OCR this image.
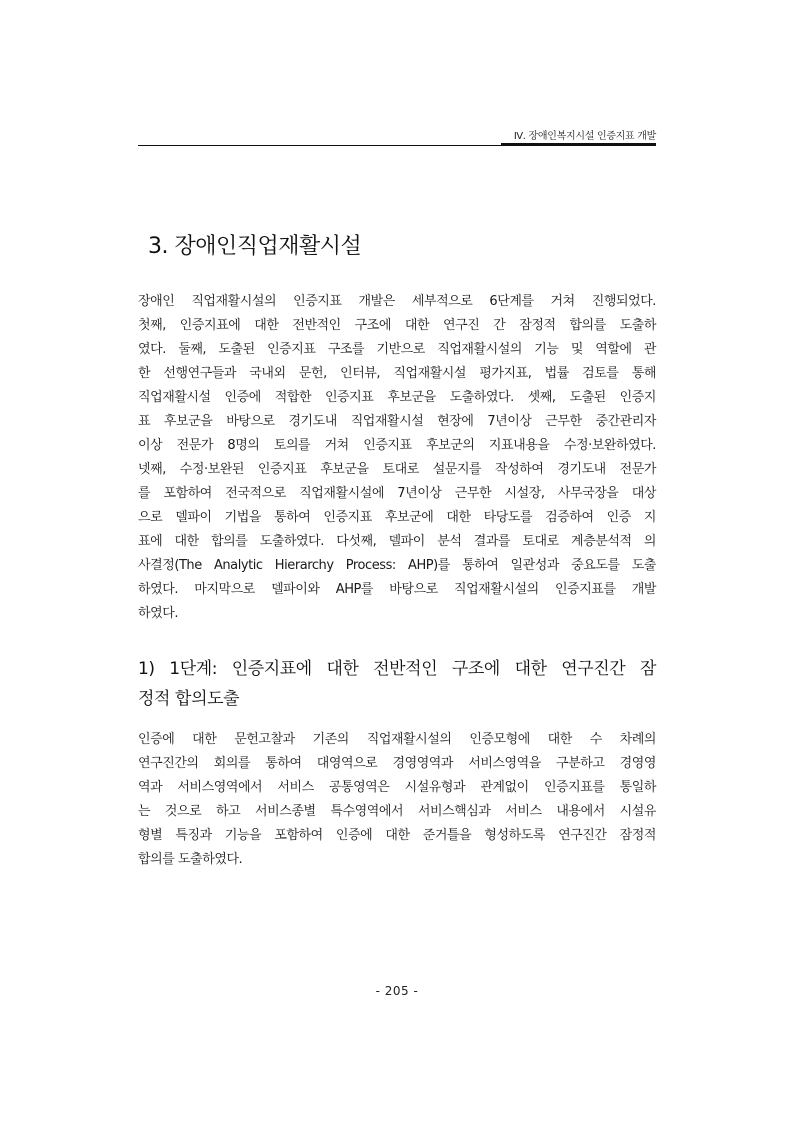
Ⅳ. 장애인복지시설 인증지표 개발
3. 장애인직업재활시설
장애인 직업재활시설의 인증지표 개발은 세부적으로 6단계를 거쳐 진행되었다.
첫째, 인증지표에 대한 전반적인 구조에 대한 연구진 간 잠정적 합의를 도출하
였다. 둘째, 도출된 인증지표 구조를 기반으로 직업재활시설의 기능 및 역할에 관
한 선행연구들과 국내외 문헌, 인터뷰, 직업재활시설 평가지표, 법률 검토를 통해
직업재활시설 인증에 적합한 인증지표 후보군을 도출하였다. 셋째, 도출된 인증지
표 후보군을 바탕으로 경기도내 직업재활시설 현장에 7년이상 근무한 중간관리자
이상 전문가 8명의 토의를 거쳐 인증지표 후보군의 지표내용을 수정·보완하였다.
넷째, 수정·보완된 인증지표 후보군을 토대로 설문지를 작성하여 경기도내 전문가
를 포함하여 전국적으로 직업재활시설에 7년이상 근무한 시설장, 사무국장을 대상
으로 델파이 기법을 통하여 인증지표 후보군에 대한 타당도를 검증하여 인증 지
표에 대한 합의를 도출하였다. 다섯째, 델파이 분석 결과를 토대로 계층분석적 의
사결정(The Analytic Hierarchy Process: AHP)를 통하여 일관성과 중요도를 도출
하였다. 마지막으로 델파이와 AHP를 바탕으로 직업재활시설의 인증지표를 개발
하였다.
1) 1단계: 인증지표에 대한 전반적인 구조에 대한 연구진간 잠
정적 합의도출
인증에 대한 문헌고찰과 기존의 직업재활시설의 인증모형에 대한 수 차례의
연구진간의 회의를 통하여 대영역으로 경영영역과 서비스영역을 구분하고 경영영
역과 서비스영역에서 서비스 공통영역은 시설유형과 관계없이 인증지표를 통일하
는 것으로 하고 서비스종별 특수영역에서 서비스핵심과 서비스 내용에서 시설유
형별 특징과 기능을 포함하여 인증에 대한 준거틀을 형성하도록 연구진간 잠정적
합의를 도출하였다.
- 205 -
